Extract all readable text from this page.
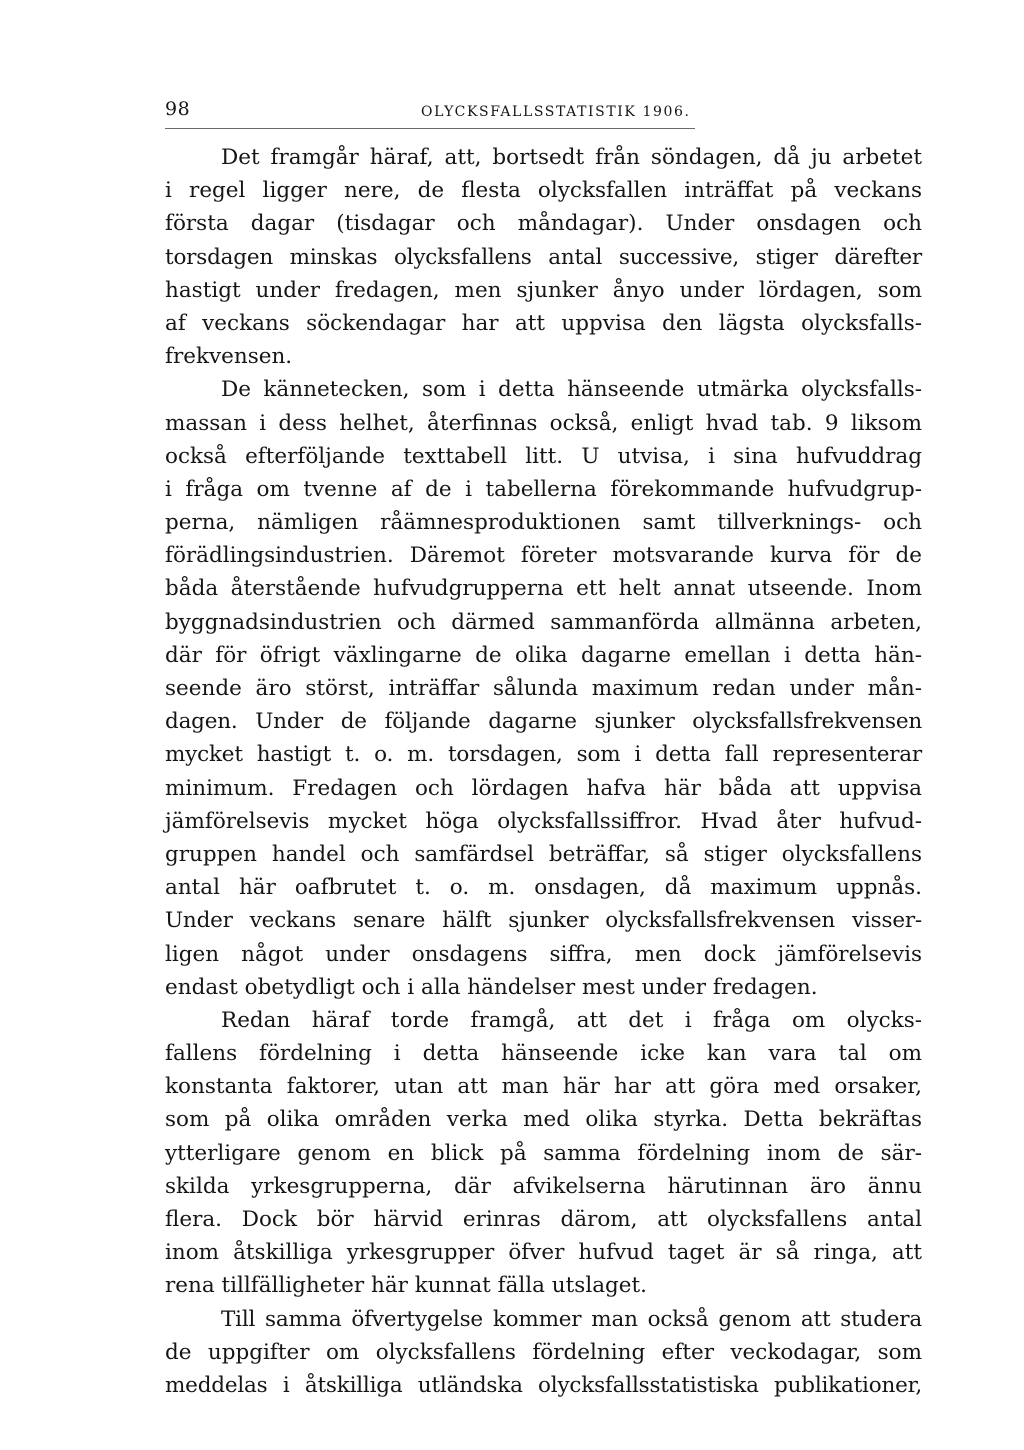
98	OLYCKSFALLSSTATISTIK 1906.
Det framgår häraf, att, bortsedt från söndagen, då ju arbetet
i regel ligger nere, de flesta olycksfallen inträffat på veckans
första dagar (tisdagar och måndagar). Under onsdagen och
torsdagen minskas olycksfallens antal successive, stiger därefter
hastigt under fredagen, men sjunker ånyo under lördagen, som
af veckans söckendagar har att uppvisa den lägsta olycksfalls-
frekvensen.
De kännetecken, som i detta hänseende utmärka olycksfalls-
massan i dess helhet, återfinnas också, enligt hvad tab. 9 liksom
också efterföljande texttabell litt. U utvisa, i sina hufvuddrag
i fråga om tvenne af de i tabellerna förekommande hufvudgrup-
perna, nämligen råämnesproduktionen samt tillverknings- och
förädlingsindustrien. Däremot företer motsvarande kurva för de
båda återstående hufvudgrupperna ett helt annat utseende. Inom
byggnadsindustrien och därmed sammanförda allmänna arbeten,
där för öfrigt växlingarne de olika dagarne emellan i detta hän-
seende äro störst, inträffar sålunda maximum redan under mån-
dagen. Under de följande dagarne sjunker olycksfallsfrekvensen
mycket hastigt t. o. m. torsdagen, som i detta fall representerar
minimum. Fredagen och lördagen hafva här båda att uppvisa
jämförelsevis mycket höga olycksfallssiffror. Hvad åter hufvud-
gruppen handel och samfärdsel beträffar, så stiger olycksfallens
antal här oafbrutet t. o. m. onsdagen, då maximum uppnås.
Under veckans senare hälft sjunker olycksfallsfrekvensen visser-
ligen något under onsdagens siffra, men dock jämförelsevis
endast obetydligt och i alla händelser mest under fredagen.
Redan häraf torde framgå, att det i fråga om olycks-
fallens fördelning i detta hänseende icke kan vara tal om
konstanta faktorer, utan att man här har att göra med orsaker,
som på olika områden verka med olika styrka. Detta bekräftas
ytterligare genom en blick på samma fördelning inom de sär-
skilda yrkesgrupperna, där afvikelserna härutinnan äro ännu
flera. Dock bör härvid erinras därom, att olycksfallens antal
inom åtskilliga yrkesgrupper öfver hufvud taget är så ringa, att
rena tillfälligheter här kunnat fälla utslaget.
Till samma öfvertygelse kommer man också genom att studera
de uppgifter om olycksfallens fördelning efter veckodagar, som
meddelas i åtskilliga utländska olycksfallsstatistiska publikationer,
